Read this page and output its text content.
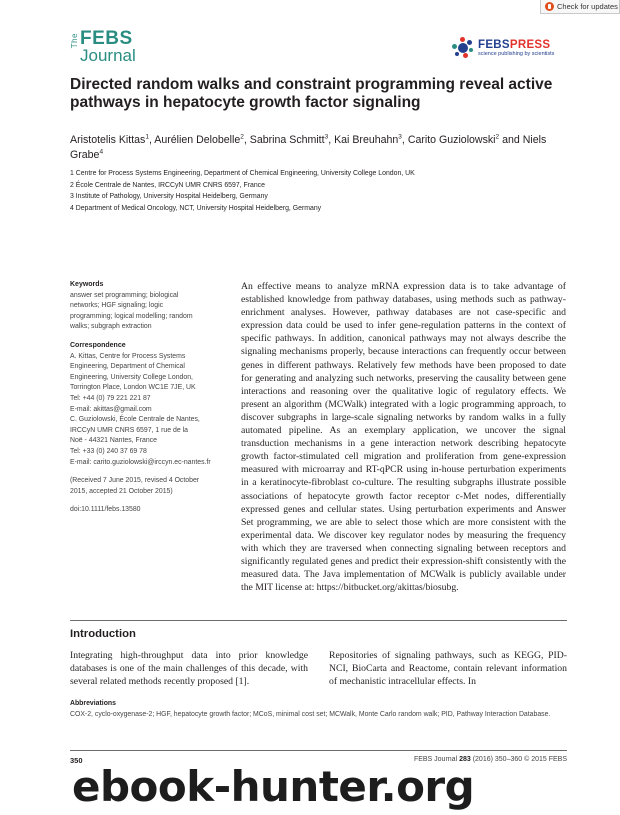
Check for updates
The FEBS
Journal
FEBSPRESS
science publishing by scientists
Directed random walks and constraint programming reveal active pathways in hepatocyte growth factor signaling
Aristotelis Kittas$^1$, Aurélien Delobelle$^2$, Sabrina Schmitt$^3$, Kai Breuhahn$^3$, Carito Guziolowski$^2$ and Niels Grabe$^4$
1 Centre for Process Systems Engineering, Department of Chemical Engineering, University College London, UK
2 École Centrale de Nantes, IRCCyN UMR CNRS 6597, France
3 Institute of Pathology, University Hospital Heidelberg, Germany
4 Department of Medical Oncology, NCT, University Hospital Heidelberg, Germany
Keywords
answer set programming; biological
networks; HGF signaling; logic
programming; logical modelling; random
walks; subgraph extraction
Correspondence
A. Kittas, Centre for Process Systems
Engineering, Department of Chemical
Engineering, University College London,
Torrington Place, London WC1E 7JE, UK
Tel: +44 (0) 79 221 221 87
E-mail: akittas@gmail.com
C. Guziolowski, École Centrale de Nantes,
IRCCyN UMR CNRS 6597, 1 rue de la
Noë - 44321 Nantes, France
Tel: +33 (0) 240 37 69 78
E-mail: carito.guziolowski@irccyn.ec-nantes.fr
(Received 7 June 2015, revised 4 October
2015, accepted 21 October 2015)
doi:10.1111/febs.13580

An effective means to analyze mRNA expression data is to take advantage of established knowledge from pathway databases, using methods such as pathway-enrichment analyses. However, pathway databases are not case-specific and expression data could be used to infer gene-regulation patterns in the context of specific pathways. In addition, canonical pathways may not always describe the signaling mechanisms properly, because interactions can frequently occur between genes in different pathways. Relatively few methods have been proposed to date for generating and analyzing such networks, preserving the causality between gene interactions and reasoning over the qualitative logic of regulatory effects. We present an algorithm (MCWalk) integrated with a logic programming approach, to discover subgraphs in large-scale signaling networks by random walks in a fully automated pipeline. As an exemplary application, we uncover the signal transduction mechanisms in a gene interaction network describing hepatocyte growth factor-stimulated cell migration and proliferation from gene-expression measured with microarray and RT-qPCR using in-house perturbation experiments in a keratinocyte-fibroblast co-culture. The resulting subgraphs illustrate possible associations of hepatocyte growth factor receptor c-Met nodes, differentially expressed genes and cellular states. Using perturbation experiments and Answer Set programming, we are able to select those which are more consistent with the experimental data. We discover key regulator nodes by measuring the frequency with which they are traversed when connecting signaling between receptors and significantly regulated genes and predict their expression-shift consistently with the measured data. The Java implementation of MCWalk is publicly available under the MIT license at: https://bitbucket.org/akittas/biosubg.

Introduction

Integrating high-throughput data into prior knowledge databases is one of the main challenges of this decade, with several related methods recently proposed [1].

Repositories of signaling pathways, such as KEGG, PID-NCI, BioCarta and Reactome, contain relevant information of mechanistic intracellular effects. In

Abbreviations
COX-2, cyclo-oxygenase-2; HGF, hepatocyte growth factor; MCoS, minimal cost set; MCWalk, Monte Carlo random walk; PID, Pathway Interaction Database.
350	FEBS Journal 283 (2016) 350–360 © 2015 FEBS
ebook-hunter.org
